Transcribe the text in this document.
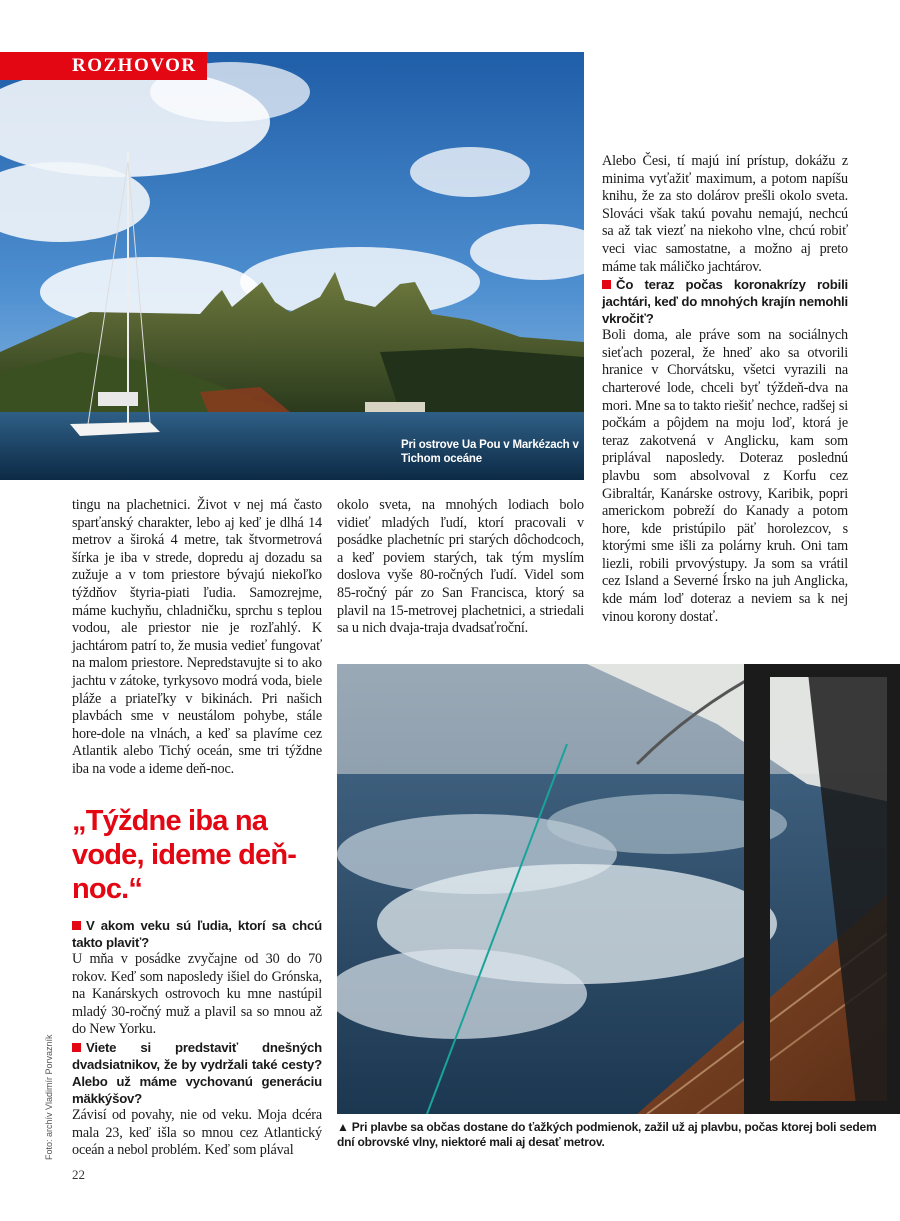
ROZHOVOR
Pri ostrove Ua Pou v Markézach v Tichom oceáne

tingu na plachetnici. Život v nej má často sparťanský charakter, lebo aj keď je dlhá 14 metrov a široká 4 metre, tak štvormetrová šírka je iba v strede, dopredu aj dozadu sa zužuje a v tom priestore bývajú niekoľko týždňov štyria-piati ľudia. Samozrejme, máme kuchyňu, chladničku, sprchu s teplou vodou, ale priestor nie je rozľahlý. K jachtárom patrí to, že musia vedieť fungovať na malom priestore. Nepredstavujte si to ako jachtu v zátoke, tyrkysovo modrá voda, biele pláže a priateľky v bikinách. Pri našich plavbách sme v neustálom pohybe, stále hore-dole na vlnách, a keď sa plavíme cez Atlantik alebo Tichý oceán, sme tri týždne iba na vode a ideme deň-noc.

„Týždne iba na vode, ideme deň-noc.“

V akom veku sú ľudia, ktorí sa chcú takto plaviť?

U mňa v posádke zvyčajne od 30 do 70 rokov. Keď som naposledy išiel do Grónska, na Kanárskych ostrovoch ku mne nastúpil mladý 30-ročný muž a plavil sa so mnou až do New Yorku.

Viete si predstaviť dnešných dvadsiatnikov, že by vydržali také cesty? Alebo už máme vychovanú generáciu mäkkýšov?

Závisí od povahy, nie od veku. Moja dcéra mala 23, keď išla so mnou cez Atlantický oceán a nebol problém. Keď som plával

okolo sveta, na mnohých lodiach bolo vidieť mladých ľudí, ktorí pracovali v posádke plachetníc pri starých dôchodcoch, a keď poviem starých, tak tým myslím doslova vyše 80-ročných ľudí. Videl som 85-ročný pár zo San Francisca, ktorý sa plavil na 15-metrovej plachetnici, a striedali sa u nich dvaja-traja dvadsaťroční.

Alebo Česi, tí majú iní prístup, dokážu z minima vyťažiť maximum, a potom napíšu knihu, že za sto dolárov prešli okolo sveta. Slováci však takú povahu nemajú, nechcú sa až tak viezť na niekoho vlne, chcú robiť veci viac samostatne, a možno aj preto máme tak máličko jachtárov.

Čo teraz počas koronakrízy robili jachtári, keď do mnohých krajín nemohli vkročiť?

Boli doma, ale práve som na sociálnych sieťach pozeral, že hneď ako sa otvorili hranice v Chorvátsku, všetci vyrazili na charterové lode, chceli byť týždeň-dva na mori. Mne sa to takto riešiť nechce, radšej si počkám a pôjdem na moju loď, ktorá je teraz zakotvená v Anglicku, kam som priplával naposledy. Doteraz poslednú plavbu som absolvoval z Korfu cez Gibraltár, Kanárske ostrovy, Karibik, popri americkom pobreží do Kanady a potom hore, kde pristúpilo päť horolezcov, s ktorými sme išli za polárny kruh. Oni tam liezli, robili prvovýstupy. Ja som sa vrátil cez Island a Severné Írsko na juh Anglicka, kde mám loď doteraz a neviem sa k nej vinou korony dostať.

▲ Pri plavbe sa občas dostane do ťažkých podmienok, zažil už aj plavbu, počas ktorej boli sedem dní obrovské vlny, niektoré mali aj desať metrov.
Foto: archív Vladimír Porvazník
22
